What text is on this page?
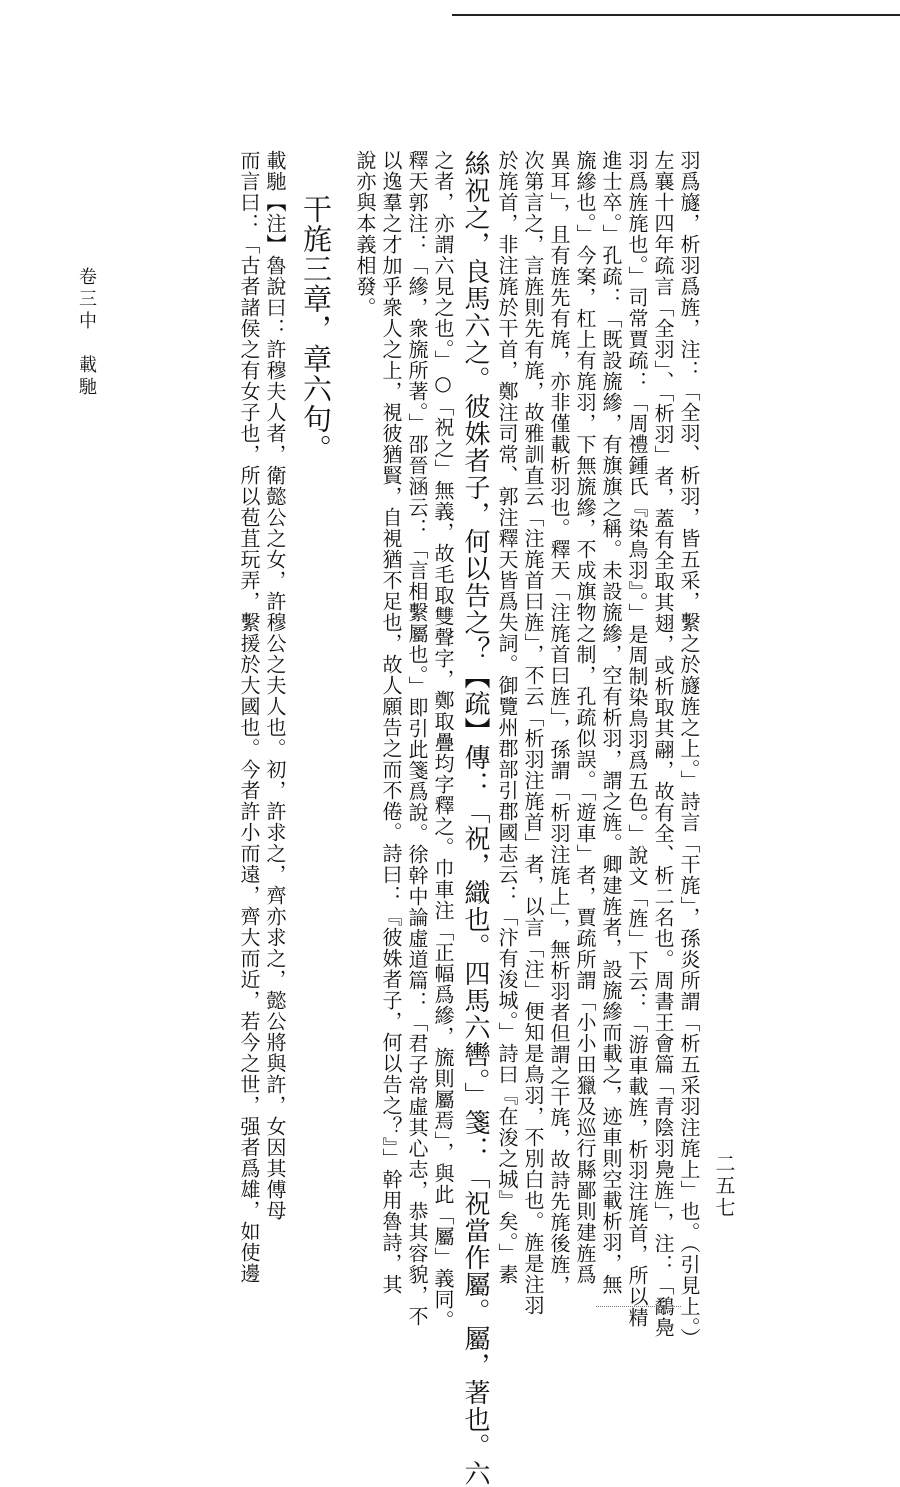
羽爲旞，析羽爲旌，注：「全羽、析羽，皆五采，繫之於旞旌之上。」詩言「干旄」，孫炎所謂「析五采羽注旄上」也。（引見上。）
左襄十四年疏言「全羽」、「析羽」者，蓋有全取其翅，或析取其翮，故有全、析二名也。周書王會篇「青陰羽鳧旌」，注：「鷸鳧
羽爲旌旄也。」司常賈疏：「周禮鍾氏『染鳥羽』。」是周制染鳥羽爲五色。」說文「旌」下云：「游車載旌，析羽注旄首，所以精
進士卒。」孔疏：「既設旒縿，有旗旗之稱。未設旒縿，空有析羽，謂之旌。卿建旌者，設旒縿而載之，迹車則空載析羽，無
旒縿也。」今案，杠上有旄羽，下無旒縿，不成旗物之制，孔疏似誤。「遊車」者，賈疏所謂「小小田獵及巡行縣鄙則建旌爲
異耳」，且有旌先有旄，亦非僅載析羽也。釋天「注旄首曰旌」，孫謂「析羽注旄上」，無析羽者但謂之干旄，故詩先旄後旌，
次第言之，言旌則先有旄，故雅訓直云「注旄首曰旌」，不云「析羽注旄首」者，以言「注」便知是鳥羽，不別白也。旌是注羽
於旄首，非注旄於干首，鄭注司常、郭注釋天皆爲失詞。御覽州郡部引郡國志云：「汴有浚城。」詩曰『在浚之城』矣。」素
絲祝之，良馬六之。彼姝者子，何以告之？【疏】傳：「祝，織也。四馬六轡。」箋：「祝當作屬。屬，著也。六
之者，亦謂六見之也。」○「祝之」無義，故毛取雙聲字，鄭取疊均字釋之。巾車注「正幅爲縿，旒則屬焉」，與此「屬」義同。
釋天郭注：「縿，衆旒所著。」邵晉涵云：「言相繫屬也。」即引此箋爲說。徐幹中論虛道篇：「君子常虛其心志，恭其容貌，不
以逸羣之才加乎衆人之上，視彼猶賢，自視猶不足也，故人願告之而不倦。詩曰：『彼姝者子，何以告之？』」幹用魯詩，其
說亦與本義相發。
干旄三章，章六句。
載馳【注】魯說曰：許穆夫人者，衛懿公之女，許穆公之夫人也。初，許求之，齊亦求之，懿公將與許，女因其傅母
而言曰：「古者諸侯之有女子也，所以苞苴玩弄，繫援於大國也。今者許小而遠，齊大而近，若今之世，强者爲雄，如使邊	二五七
卷三中　載馳
